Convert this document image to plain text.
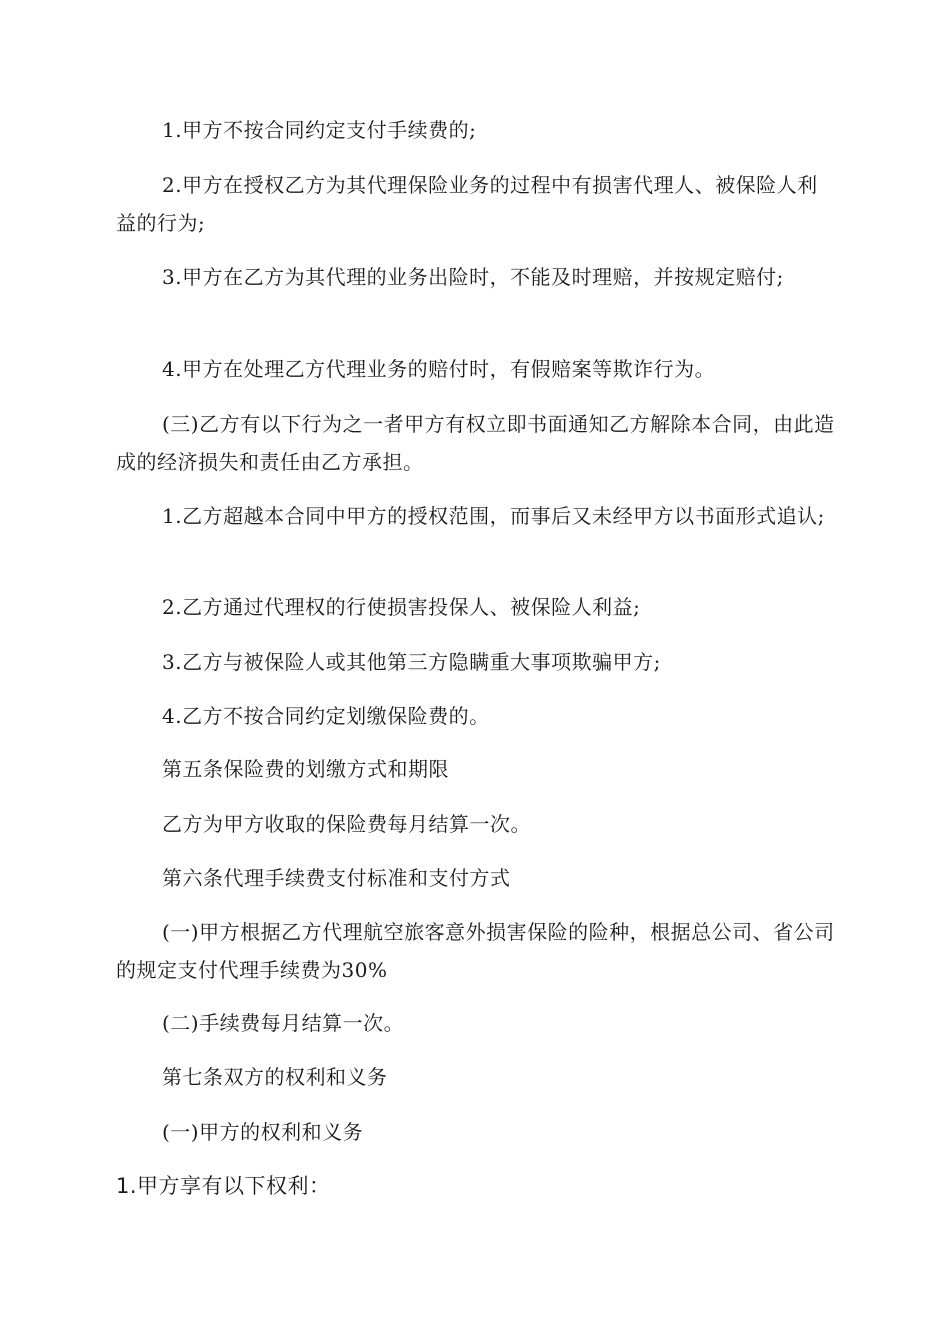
1.甲方不按合同约定支付手续费的;

2.甲方在授权乙方为其代理保险业务的过程中有损害代理人、被保险人利益的行为;

3.甲方在乙方为其代理的业务出险时，不能及时理赔，并按规定赔付;

4.甲方在处理乙方代理业务的赔付时，有假赔案等欺诈行为。

(三)乙方有以下行为之一者甲方有权立即书面通知乙方解除本合同，由此造成的经济损失和责任由乙方承担。

1.乙方超越本合同中甲方的授权范围，而事后又未经甲方以书面形式追认;

2.乙方通过代理权的行使损害投保人、被保险人利益;

3.乙方与被保险人或其他第三方隐瞒重大事项欺骗甲方;

4.乙方不按合同约定划缴保险费的。

第五条保险费的划缴方式和期限

乙方为甲方收取的保险费每月结算一次。

第六条代理手续费支付标准和支付方式

(一)甲方根据乙方代理航空旅客意外损害保险的险种，根据总公司、省公司的规定支付代理手续费为30%

(二)手续费每月结算一次。

第七条双方的权利和义务

(一)甲方的权利和义务

1.甲方享有以下权利：
